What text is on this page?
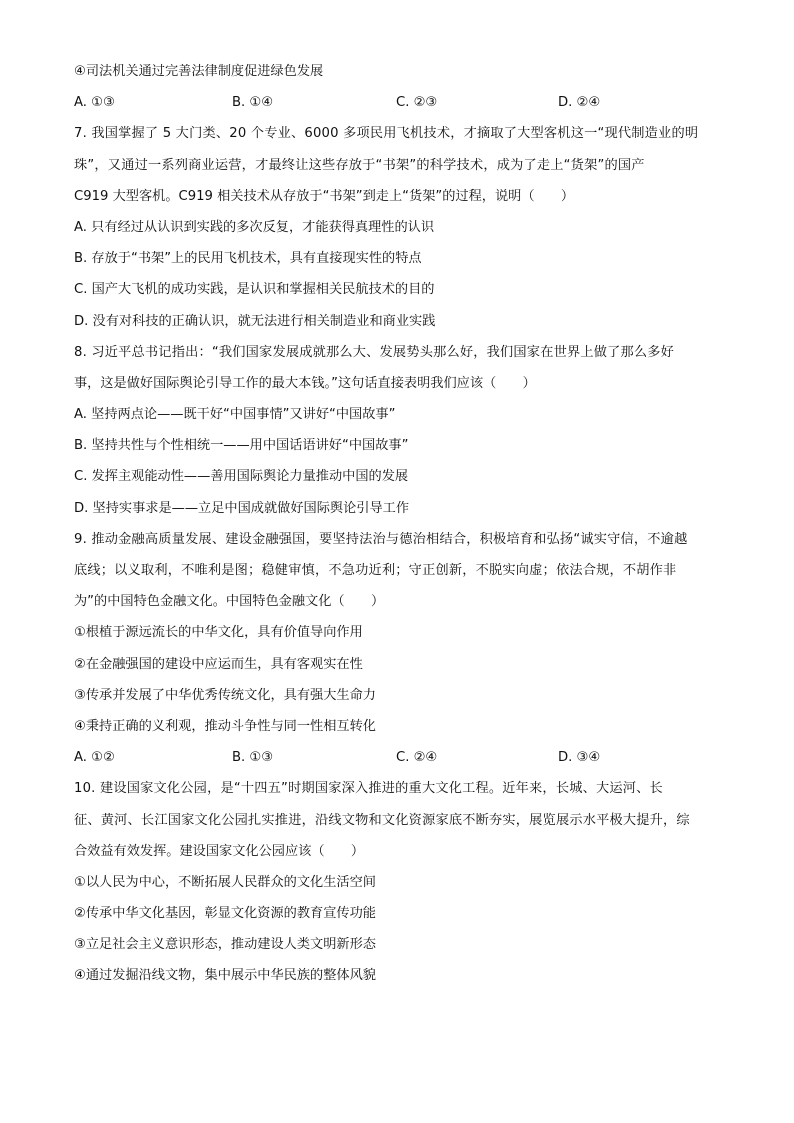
④司法机关通过完善法律制度促进绿色发展
A. ①③	B. ①④	C. ②③	D. ②④
7. 我国掌握了 5 大门类、20 个专业、6000 多项民用飞机技术，才摘取了大型客机这一“现代制造业的明
珠”，又通过一系列商业运营，才最终让这些存放于“书架”的科学技术，成为了走上“货架”的国产
C919 大型客机。C919 相关技术从存放于“书架”到走上“货架”的过程，说明（　　）
A. 只有经过从认识到实践的多次反复，才能获得真理性的认识
B. 存放于“书架”上的民用飞机技术，具有直接现实性的特点
C. 国产大飞机的成功实践，是认识和掌握相关民航技术的目的
D. 没有对科技的正确认识，就无法进行相关制造业和商业实践
8. 习近平总书记指出：“我们国家发展成就那么大、发展势头那么好，我们国家在世界上做了那么多好
事，这是做好国际舆论引导工作的最大本钱。”这句话直接表明我们应该（　　）
A. 坚持两点论——既干好“中国事情”又讲好“中国故事”
B. 坚持共性与个性相统一——用中国话语讲好“中国故事”
C. 发挥主观能动性——善用国际舆论力量推动中国的发展
D. 坚持实事求是——立足中国成就做好国际舆论引导工作
9. 推动金融高质量发展、建设金融强国，要坚持法治与德治相结合，积极培育和弘扬“诚实守信，不逾越
底线；以义取利，不唯利是图；稳健审慎，不急功近利；守正创新，不脱实向虚；依法合规，不胡作非
为”的中国特色金融文化。中国特色金融文化（　　）
①根植于源远流长的中华文化，具有价值导向作用
②在金融强国的建设中应运而生，具有客观实在性
③传承并发展了中华优秀传统文化，具有强大生命力
④秉持正确的义利观，推动斗争性与同一性相互转化
A. ①②	B. ①③	C. ②④	D. ③④
10. 建设国家文化公园，是“十四五”时期国家深入推进的重大文化工程。近年来，长城、大运河、长
征、黄河、长江国家文化公园扎实推进，沿线文物和文化资源家底不断夯实，展览展示水平极大提升，综
合效益有效发挥。建设国家文化公园应该（　　）
①以人民为中心，不断拓展人民群众的文化生活空间
②传承中华文化基因，彰显文化资源的教育宣传功能
③立足社会主义意识形态，推动建设人类文明新形态
④通过发掘沿线文物，集中展示中华民族的整体风貌
